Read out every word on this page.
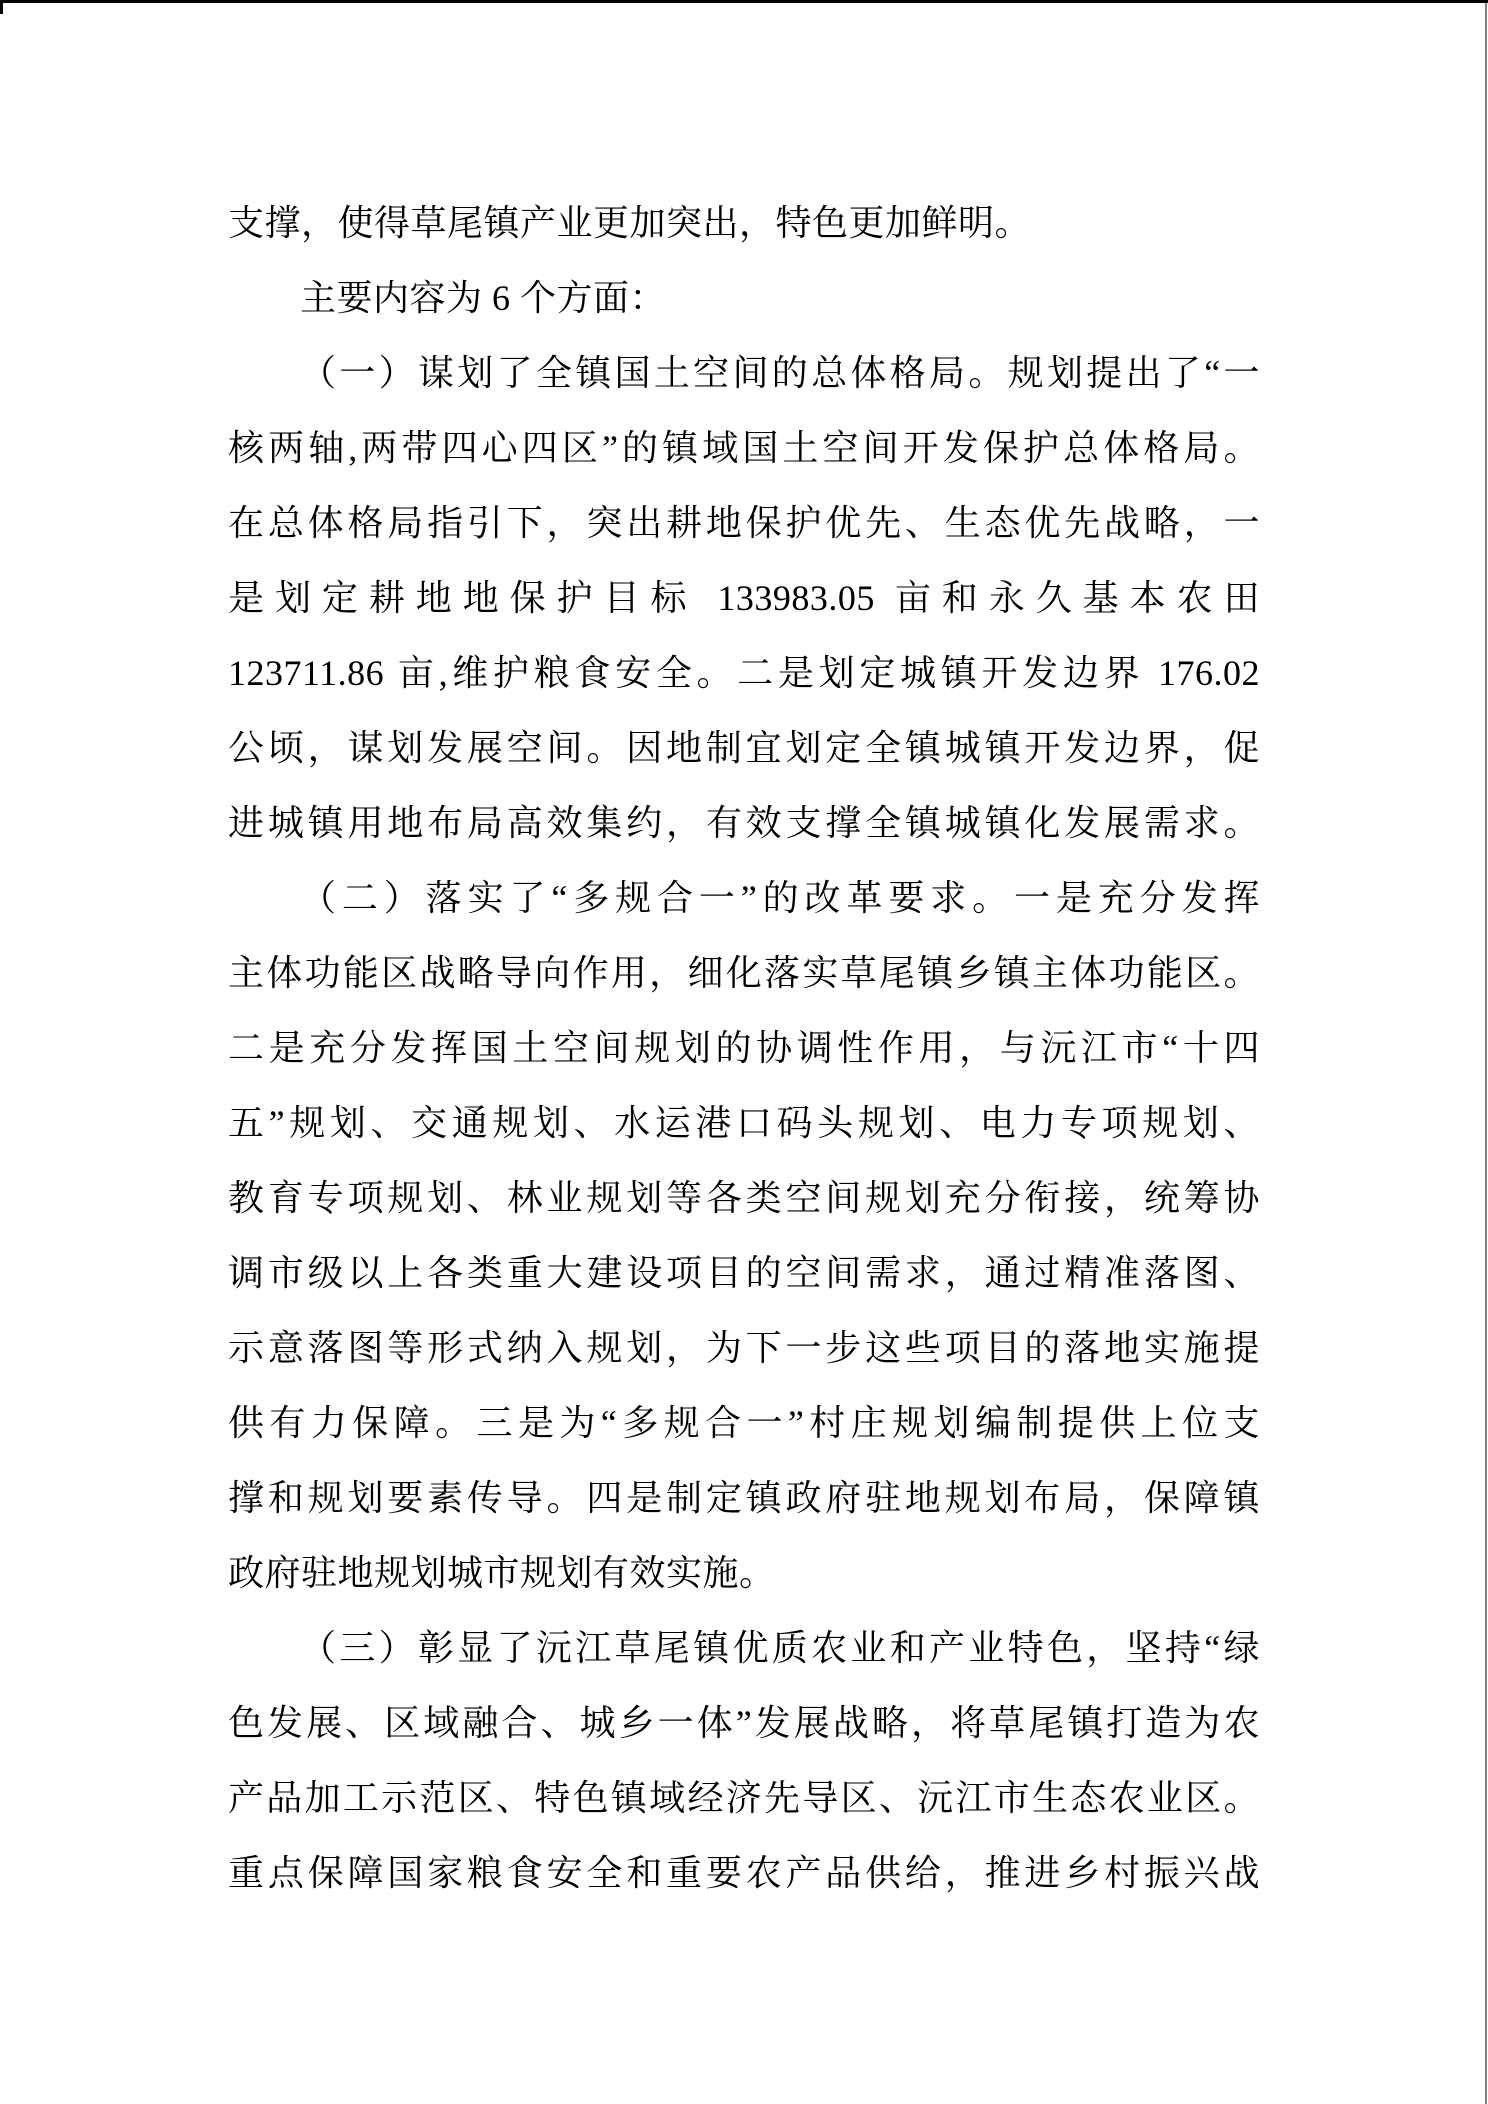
支撑，使得草尾镇产业更加突出，特色更加鲜明。
主要内容为 6 个方面：
（一）谋划了全镇国土空间的总体格局。规划提出了“一
核两轴,两带四心四区”的镇域国土空间开发保护总体格局。
在总体格局指引下，突出耕地保护优先、生态优先战略，一
是划定耕地地保护目标 133983.05 亩和永久基本农田
123711.86 亩,维护粮食安全。二是划定城镇开发边界 176.02
公顷，谋划发展空间。因地制宜划定全镇城镇开发边界，促
进城镇用地布局高效集约，有效支撑全镇城镇化发展需求。
（二）落实了“多规合一”的改革要求。一是充分发挥
主体功能区战略导向作用，细化落实草尾镇乡镇主体功能区。
二是充分发挥国土空间规划的协调性作用，与沅江市“十四
五”规划、交通规划、水运港口码头规划、电力专项规划、
教育专项规划、林业规划等各类空间规划充分衔接，统筹协
调市级以上各类重大建设项目的空间需求，通过精准落图、
示意落图等形式纳入规划，为下一步这些项目的落地实施提
供有力保障。三是为“多规合一”村庄规划编制提供上位支
撑和规划要素传导。四是制定镇政府驻地规划布局，保障镇
政府驻地规划城市规划有效实施。
（三）彰显了沅江草尾镇优质农业和产业特色，坚持“绿
色发展、区域融合、城乡一体”发展战略，将草尾镇打造为农
产品加工示范区、特色镇域经济先导区、沅江市生态农业区。
重点保障国家粮食安全和重要农产品供给，推进乡村振兴战
